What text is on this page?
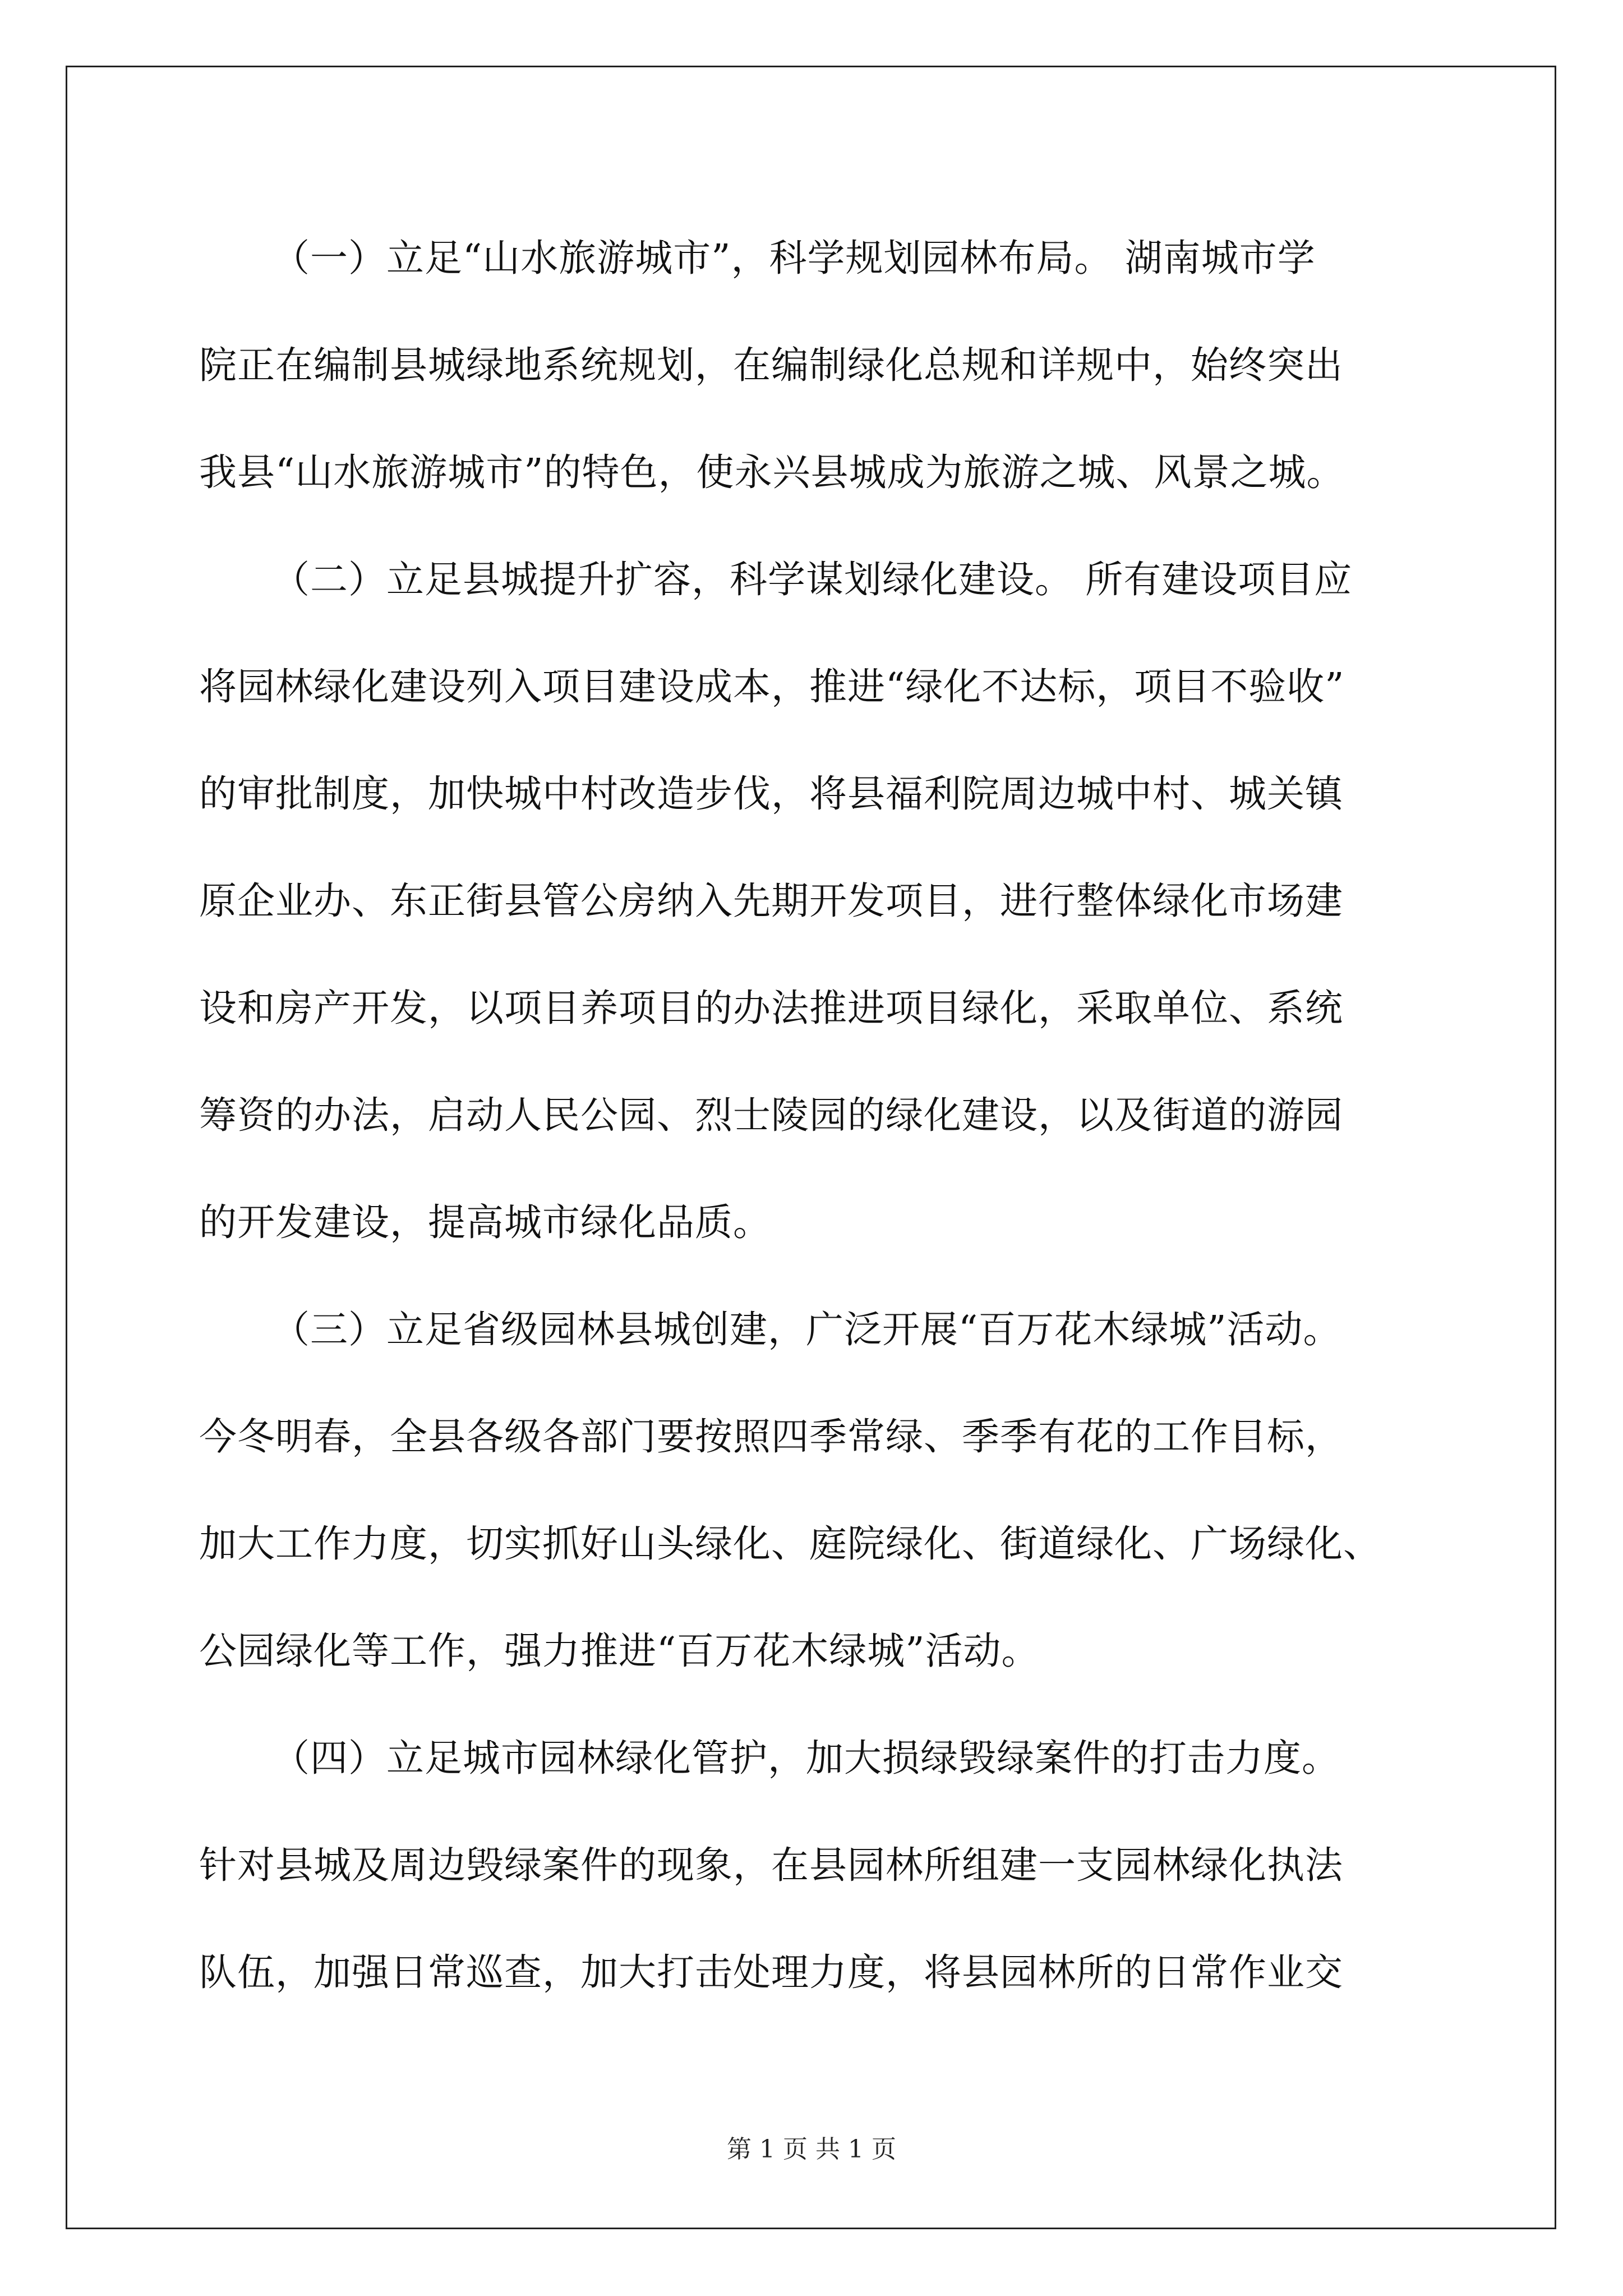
（一）立足“山水旅游城市”，科学规划园林布局。 湖南城市学
院正在编制县城绿地系统规划，在编制绿化总规和详规中，始终突出
我县“山水旅游城市”的特色，使永兴县城成为旅游之城、风景之城。
（二）立足县城提升扩容，科学谋划绿化建设。 所有建设项目应
将园林绿化建设列入项目建设成本，推进“绿化不达标，项目不验收”
的审批制度，加快城中村改造步伐，将县福利院周边城中村、城关镇
原企业办、东正街县管公房纳入先期开发项目，进行整体绿化市场建
设和房产开发，以项目养项目的办法推进项目绿化，采取单位、系统
筹资的办法，启动人民公园、烈士陵园的绿化建设，以及街道的游园
的开发建设，提高城市绿化品质。
（三）立足省级园林县城创建，广泛开展“百万花木绿城”活动。
今冬明春，全县各级各部门要按照四季常绿、季季有花的工作目标，
加大工作力度，切实抓好山头绿化、庭院绿化、街道绿化、广场绿化、
公园绿化等工作，强力推进“百万花木绿城”活动。
（四）立足城市园林绿化管护，加大损绿毁绿案件的打击力度。
针对县城及周边毁绿案件的现象，在县园林所组建一支园林绿化执法
队伍，加强日常巡查，加大打击处理力度，将县园林所的日常作业交
第 1 页 共 1 页
